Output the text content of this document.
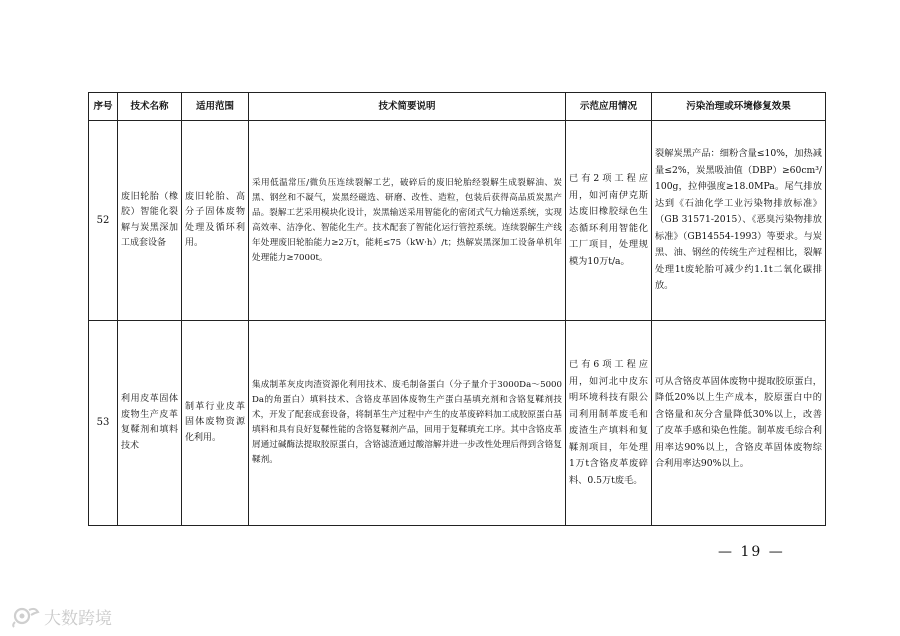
序号	技术名称	适用范围	技术简要说明	示范应用情况	污染治理或环境修复效果
52	废旧轮胎（橡胶）智能化裂解与炭黑深加工成套设备	废旧轮胎、高分子固体废物处理及循环利用。	采用低温常压/微负压连续裂解工艺，破碎后的废旧轮胎经裂解生成裂解油、炭黑、钢丝和不凝气，炭黑经磁选、研磨、改性、造粒，包装后获得高品质炭黑产品。裂解工艺采用模块化设计，炭黑输送采用智能化的密闭式气力输送系统，实现高效率、洁净化、智能化生产。技术配套了智能化运行管控系统。连续裂解生产线年处理废旧轮胎能力≥2万t，能耗≤75（kW·h）/t；热解炭黑深加工设备单机年处理能力≥7000t。	已有2项工程应用，如河南伊克斯达废旧橡胶绿色生态循环利用智能化工厂项目，处理规模为10万t/a。	裂解炭黑产品：细粉含量≤10%，加热减量≤2%，炭黑吸油值（DBP）≥60cm³/100g，拉伸强度≥18.0MPa。尾气排放达到《石油化学工业污染物排放标准》（GB 31571-2015）、《恶臭污染物排放标准》（GB14554-1993）等要求。与炭黑、油、钢丝的传统生产过程相比，裂解处理1t废轮胎可减少约1.1t二氧化碳排放。
53	利用皮革固体废物生产皮革复鞣剂和填料技术	制革行业皮革固体废物资源化利用。	集成制革灰皮肉渣资源化利用技术、废毛制备蛋白（分子量介于3000Da～5000Da的角蛋白）填料技术、含铬皮革固体废物生产蛋白基填充剂和含铬复鞣剂技术，开发了配套成套设备，将制革生产过程中产生的皮革废碎料加工成胶原蛋白基填料和具有良好复鞣性能的含铬复鞣剂产品，回用于复鞣填充工序。其中含铬皮革屑通过碱酶法提取胶原蛋白，含铬滤渣通过酸溶解并进一步改性处理后得到含铬复鞣剂。	已有6项工程应用，如河北中皮东明环境科技有限公司利用制革废毛和废渣生产填料和复鞣剂项目，年处理1万t含铬皮革废碎料、0.5万t废毛。	可从含铬皮革固体废物中提取胶原蛋白，降低20%以上生产成本，胶原蛋白中的含铬量和灰分含量降低30%以上，改善了皮革手感和染色性能。制革废毛综合利用率达90%以上，含铬皮革固体废物综合利用率达90%以上。
— 19 —
大数跨境
